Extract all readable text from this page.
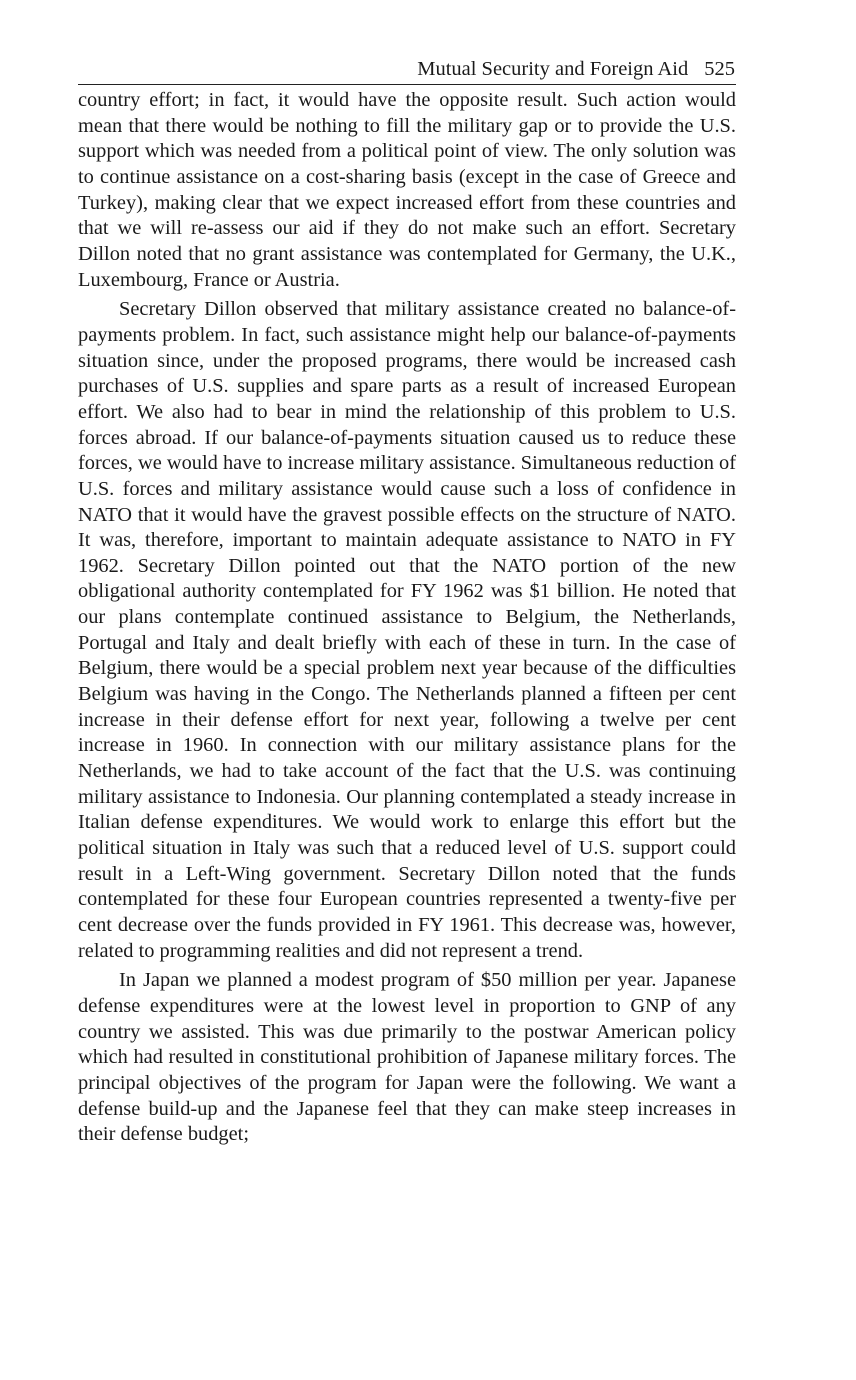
Mutual Security and Foreign Aid 525

country effort; in fact, it would have the opposite result. Such action would mean that there would be nothing to fill the military gap or to provide the U.S. support which was needed from a political point of view. The only solution was to continue assistance on a cost-sharing basis (except in the case of Greece and Turkey), making clear that we expect increased effort from these countries and that we will re-assess our aid if they do not make such an effort. Secretary Dillon noted that no grant assistance was contemplated for Germany, the U.K., Luxembourg, France or Austria.

Secretary Dillon observed that military assistance created no balance-of-payments problem. In fact, such assistance might help our balance-of-payments situation since, under the proposed programs, there would be increased cash purchases of U.S. supplies and spare parts as a result of increased European effort. We also had to bear in mind the relationship of this problem to U.S. forces abroad. If our balance-of-payments situation caused us to reduce these forces, we would have to increase military assistance. Simultaneous reduction of U.S. forces and military assistance would cause such a loss of confidence in NATO that it would have the gravest possible effects on the structure of NATO. It was, therefore, important to maintain adequate assistance to NATO in FY 1962. Secretary Dillon pointed out that the NATO portion of the new obligational authority contemplated for FY 1962 was $1 billion. He noted that our plans contemplate continued assistance to Belgium, the Netherlands, Portugal and Italy and dealt briefly with each of these in turn. In the case of Belgium, there would be a special problem next year because of the difficulties Belgium was having in the Congo. The Netherlands planned a fifteen per cent increase in their defense effort for next year, following a twelve per cent increase in 1960. In connection with our military assistance plans for the Netherlands, we had to take account of the fact that the U.S. was continuing military assistance to Indonesia. Our planning contemplated a steady increase in Italian defense expenditures. We would work to enlarge this effort but the political situation in Italy was such that a reduced level of U.S. support could result in a Left-Wing government. Secretary Dillon noted that the funds contemplated for these four European countries represented a twenty-five per cent decrease over the funds provided in FY 1961. This decrease was, however, related to programming realities and did not represent a trend.

In Japan we planned a modest program of $50 million per year. Japanese defense expenditures were at the lowest level in proportion to GNP of any country we assisted. This was due primarily to the postwar American policy which had resulted in constitutional prohibition of Japanese military forces. The principal objectives of the program for Japan were the following. We want a defense build-up and the Japanese feel that they can make steep increases in their defense budget;
